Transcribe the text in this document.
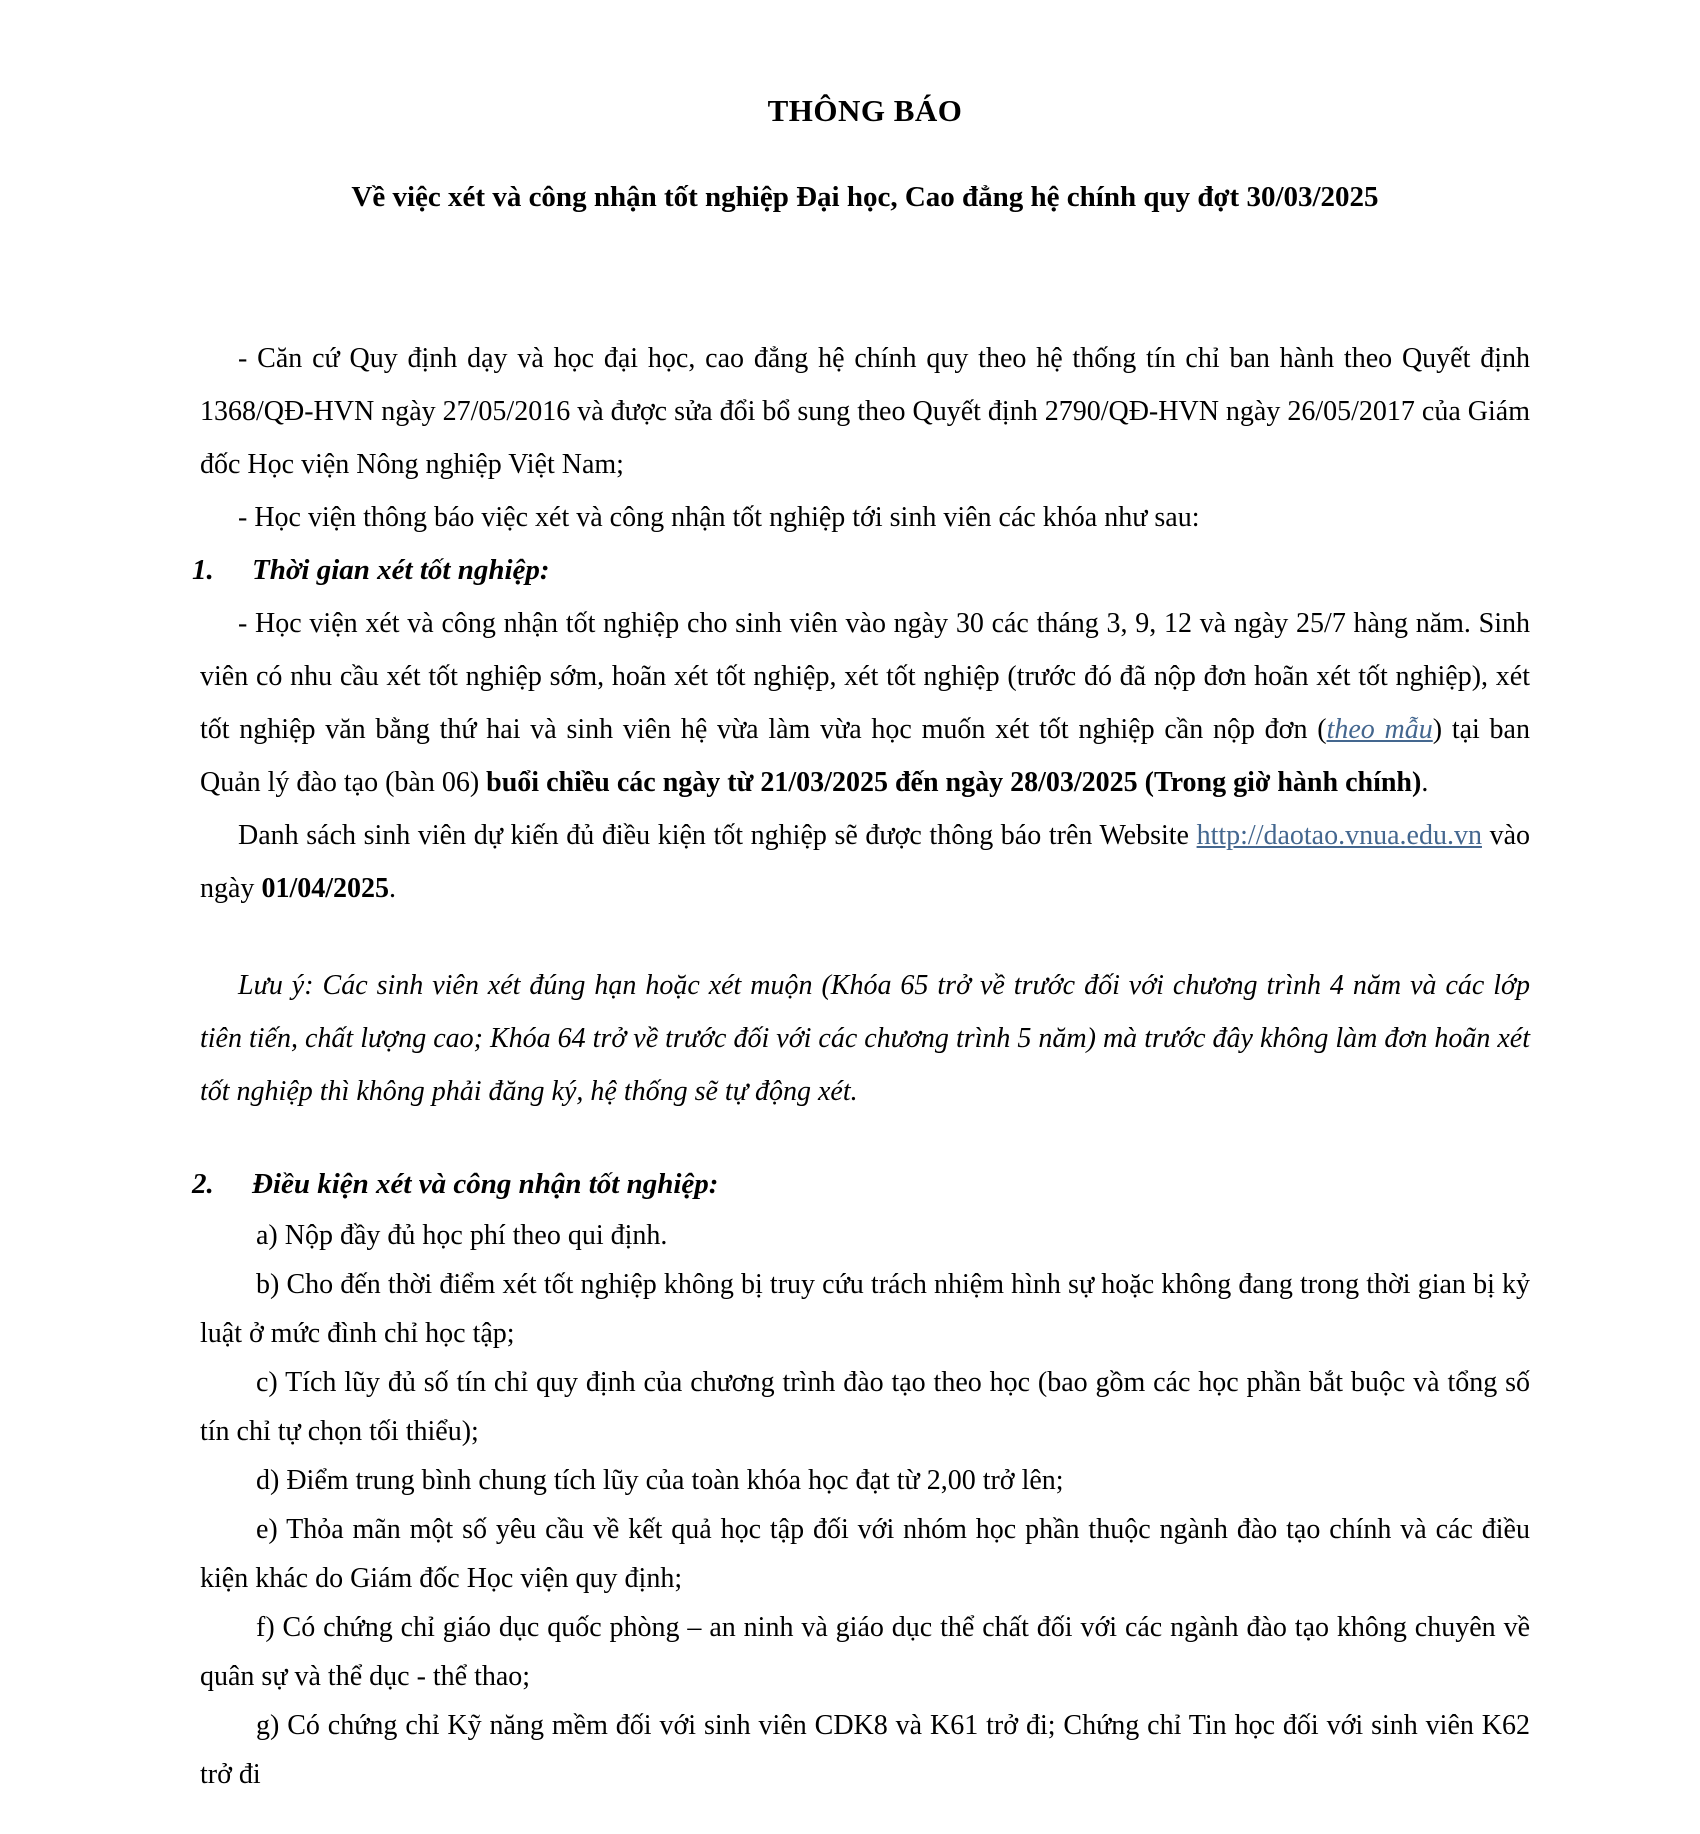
THÔNG BÁO

Về việc xét và công nhận tốt nghiệp Đại học, Cao đẳng hệ chính quy đợt 30/03/2025

- Căn cứ Quy định dạy và học đại học, cao đẳng hệ chính quy theo hệ thống tín chỉ ban hành theo Quyết định 1368/QĐ-HVN ngày 27/05/2016 và được sửa đổi bổ sung theo Quyết định 2790/QĐ-HVN ngày 26/05/2017 của Giám đốc Học viện Nông nghiệp Việt Nam;

- Học viện thông báo việc xét và công nhận tốt nghiệp tới sinh viên các khóa như sau:

1. Thời gian xét tốt nghiệp:

- Học viện xét và công nhận tốt nghiệp cho sinh viên vào ngày 30 các tháng 3, 9, 12 và ngày 25/7 hàng năm. Sinh viên có nhu cầu xét tốt nghiệp sớm, hoãn xét tốt nghiệp, xét tốt nghiệp (trước đó đã nộp đơn hoãn xét tốt nghiệp), xét tốt nghiệp văn bằng thứ hai và sinh viên hệ vừa làm vừa học muốn xét tốt nghiệp cần nộp đơn (theo mẫu) tại ban Quản lý đào tạo (bàn 06) buổi chiều các ngày từ 21/03/2025 đến ngày 28/03/2025 (Trong giờ hành chính).

Danh sách sinh viên dự kiến đủ điều kiện tốt nghiệp sẽ được thông báo trên Website http://daotao.vnua.edu.vn vào ngày 01/04/2025.

Lưu ý: Các sinh viên xét đúng hạn hoặc xét muộn (Khóa 65 trở về trước đối với chương trình 4 năm và các lớp tiên tiến, chất lượng cao; Khóa 64 trở về trước đối với các chương trình 5 năm) mà trước đây không làm đơn hoãn xét tốt nghiệp thì không phải đăng ký, hệ thống sẽ tự động xét.

2. Điều kiện xét và công nhận tốt nghiệp:

a) Nộp đầy đủ học phí theo qui định.

b) Cho đến thời điểm xét tốt nghiệp không bị truy cứu trách nhiệm hình sự hoặc không đang trong thời gian bị kỷ luật ở mức đình chỉ học tập;

c) Tích lũy đủ số tín chỉ quy định của chương trình đào tạo theo học (bao gồm các học phần bắt buộc và tổng số tín chỉ tự chọn tối thiểu);

d) Điểm trung bình chung tích lũy của toàn khóa học đạt từ 2,00 trở lên;

e) Thỏa mãn một số yêu cầu về kết quả học tập đối với nhóm học phần thuộc ngành đào tạo chính và các điều kiện khác do Giám đốc Học viện quy định;

f) Có chứng chỉ giáo dục quốc phòng – an ninh và giáo dục thể chất đối với các ngành đào tạo không chuyên về quân sự và thể dục - thể thao;

g) Có chứng chỉ Kỹ năng mềm đối với sinh viên CDK8 và K61 trở đi; Chứng chỉ Tin học đối với sinh viên K62 trở đi
